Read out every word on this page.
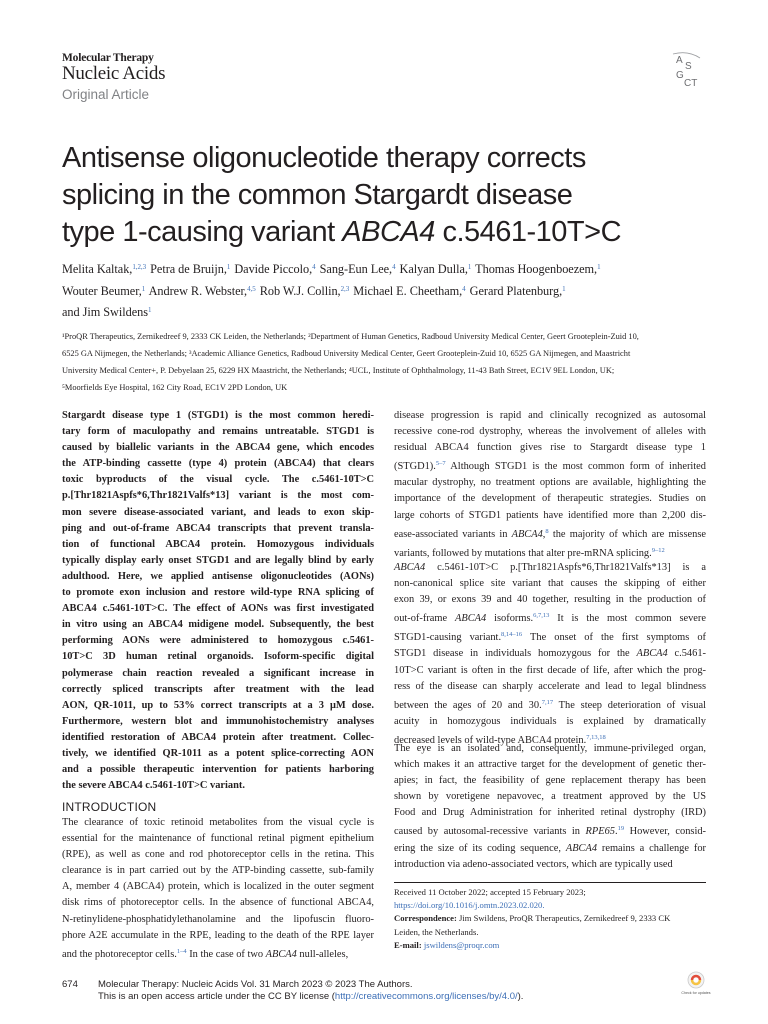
Molecular Therapy
Nucleic Acids
Original Article
A
S
G
CT
Antisense oligonucleotide therapy corrects
splicing in the common Stargardt disease
type 1-causing variant ABCA4 c.5461-10T>C
Melita Kaltak,$^{1,2,3}$ Petra de Bruijn,$^1$ Davide Piccolo,$^4$ Sang-Eun Lee,$^4$ Kalyan Dulla,$^1$ Thomas Hoogenboezem,$^1$
Wouter Beumer,$^1$ Andrew R. Webster,$^{4,5}$ Rob W.J. Collin,$^{2,3}$ Michael E. Cheetham,$^4$ Gerard Platenburg,$^1$
and Jim Swildens$^1$
¹ProQR Therapeutics, Zernikedreef 9, 2333 CK Leiden, the Netherlands; ²Department of Human Genetics, Radboud University Medical Center, Geert Grooteplein-Zuid 10,
6525 GA Nijmegen, the Netherlands; ³Academic Alliance Genetics, Radboud University Medical Center, Geert Grooteplein-Zuid 10, 6525 GA Nijmegen, and Maastricht
University Medical Center+, P. Debyelaan 25, 6229 HX Maastricht, the Netherlands; ⁴UCL, Institute of Ophthalmology, 11-43 Bath Street, EC1V 9EL London, UK;
⁵Moorfields Eye Hospital, 162 City Road, EC1V 2PD London, UK
Stargardt disease type 1 (STGD1) is the most common heredi-
tary form of maculopathy and remains untreatable. STGD1 is
caused by biallelic variants in the ABCA4 gene, which encodes
the ATP-binding cassette (type 4) protein (ABCA4) that clears
toxic byproducts of the visual cycle. The c.5461-10T>C
p.[Thr1821Aspfs*6,Thr1821Valfs*13] variant is the most com-
mon severe disease-associated variant, and leads to exon skip-
ping and out-of-frame ABCA4 transcripts that prevent transla-
tion of functional ABCA4 protein. Homozygous individuals
typically display early onset STGD1 and are legally blind by early
adulthood. Here, we applied antisense oligonucleotides (AONs)
to promote exon inclusion and restore wild-type RNA splicing of
ABCA4 c.5461-10T>C. The effect of AONs was first investigated
in vitro using an ABCA4 midigene model. Subsequently, the best
performing AONs were administered to homozygous c.5461-
10T>C 3D human retinal organoids. Isoform-specific digital
polymerase chain reaction revealed a significant increase in
correctly spliced transcripts after treatment with the lead
AON, QR-1011, up to 53% correct transcripts at a 3 μM dose.
Furthermore, western blot and immunohistochemistry analyses
identified restoration of ABCA4 protein after treatment. Collec-
tively, we identified QR-1011 as a potent splice-correcting AON
and a possible therapeutic intervention for patients harboring
the severe ABCA4 c.5461-10T>C variant.
INTRODUCTION
The clearance of toxic retinoid metabolites from the visual cycle is
essential for the maintenance of functional retinal pigment epithelium
(RPE), as well as cone and rod photoreceptor cells in the retina. This
clearance is in part carried out by the ATP-binding cassette, sub-family
A, member 4 (ABCA4) protein, which is localized in the outer segment
disk rims of photoreceptor cells. In the absence of functional ABCA4,
N-retinylidene-phosphatidylethanolamine and the lipofuscin fluoro-
phore A2E accumulate in the RPE, leading to the death of the RPE layer
and the photoreceptor cells.$^{1-4}$ In the case of two ABCA4 null-alleles,
disease progression is rapid and clinically recognized as autosomal
recessive cone-rod dystrophy, whereas the involvement of alleles with
residual ABCA4 function gives rise to Stargardt disease type 1
(STGD1).$^{5-7}$ Although STGD1 is the most common form of inherited
macular dystrophy, no treatment options are available, highlighting the
importance of the development of therapeutic strategies. Studies on
large cohorts of STGD1 patients have identified more than 2,200 dis-
ease-associated variants in ABCA4,$^8$ the majority of which are missense
variants, followed by mutations that alter pre-mRNA splicing.$^{9-12}$
ABCA4 c.5461-10T>C p.[Thr1821Aspfs*6,Thr1821Valfs*13] is a
non-canonical splice site variant that causes the skipping of either
exon 39, or exons 39 and 40 together, resulting in the production of
out-of-frame ABCA4 isoforms.$^{6,7,13}$ It is the most common severe
STGD1-causing variant.$^{8,14-16}$ The onset of the first symptoms of
STGD1 disease in individuals homozygous for the ABCA4 c.5461-
10T>C variant is often in the first decade of life, after which the prog-
ress of the disease can sharply accelerate and lead to legal blindness
between the ages of 20 and 30.$^{7,17}$ The steep deterioration of visual
acuity in homozygous individuals is explained by dramatically
decreased levels of wild-type ABCA4 protein.$^{7,13,18}$
The eye is an isolated and, consequently, immune-privileged organ,
which makes it an attractive target for the development of genetic ther-
apies; in fact, the feasibility of gene replacement therapy has been
shown by voretigene nepavovec, a treatment approved by the US
Food and Drug Administration for inherited retinal dystrophy (IRD)
caused by autosomal-recessive variants in RPE65.19 However, consid-
ering the size of its coding sequence, ABCA4 remains a challenge for
introduction via adeno-associated vectors, which are typically used
Received 11 October 2022; accepted 15 February 2023;
https://doi.org/10.1016/j.omtn.2023.02.020.
Correspondence: Jim Swildens, ProQR Therapeutics, Zernikedreef 9, 2333 CK
Leiden, the Netherlands.
E-mail: jswildens@proqr.com
674 Molecular Therapy: Nucleic Acids Vol. 31 March 2023 © 2023 The Authors.
This is an open access article under the CC BY license (http://creativecommons.org/licenses/by/4.0/).	Check for updates
